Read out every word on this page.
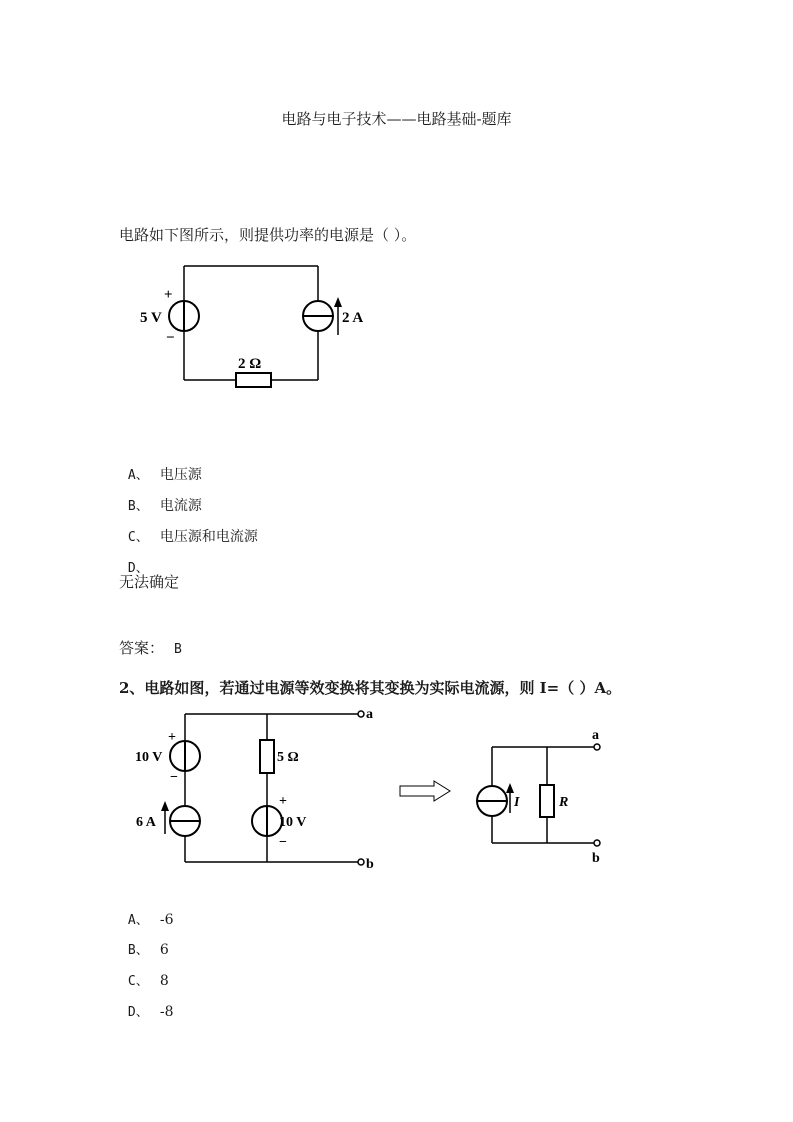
电路与电子技术——电路基础-题库
电路如下图所示，则提供功率的电源是（ ）。
+
−
5 V	2 A
2 Ω

A、 电压源

B、 电流源

C、 电压源和电流源

D、

无法确定
答案： B
2、电路如图，若通过电源等效变换将其变换为实际电流源，则 I=（ ）A。
+
−
10 V
6 A
5 Ω
+
10 V
−
a
b
I	R
a
b

A、 -6

B、 6

C、 8

D、 -8
